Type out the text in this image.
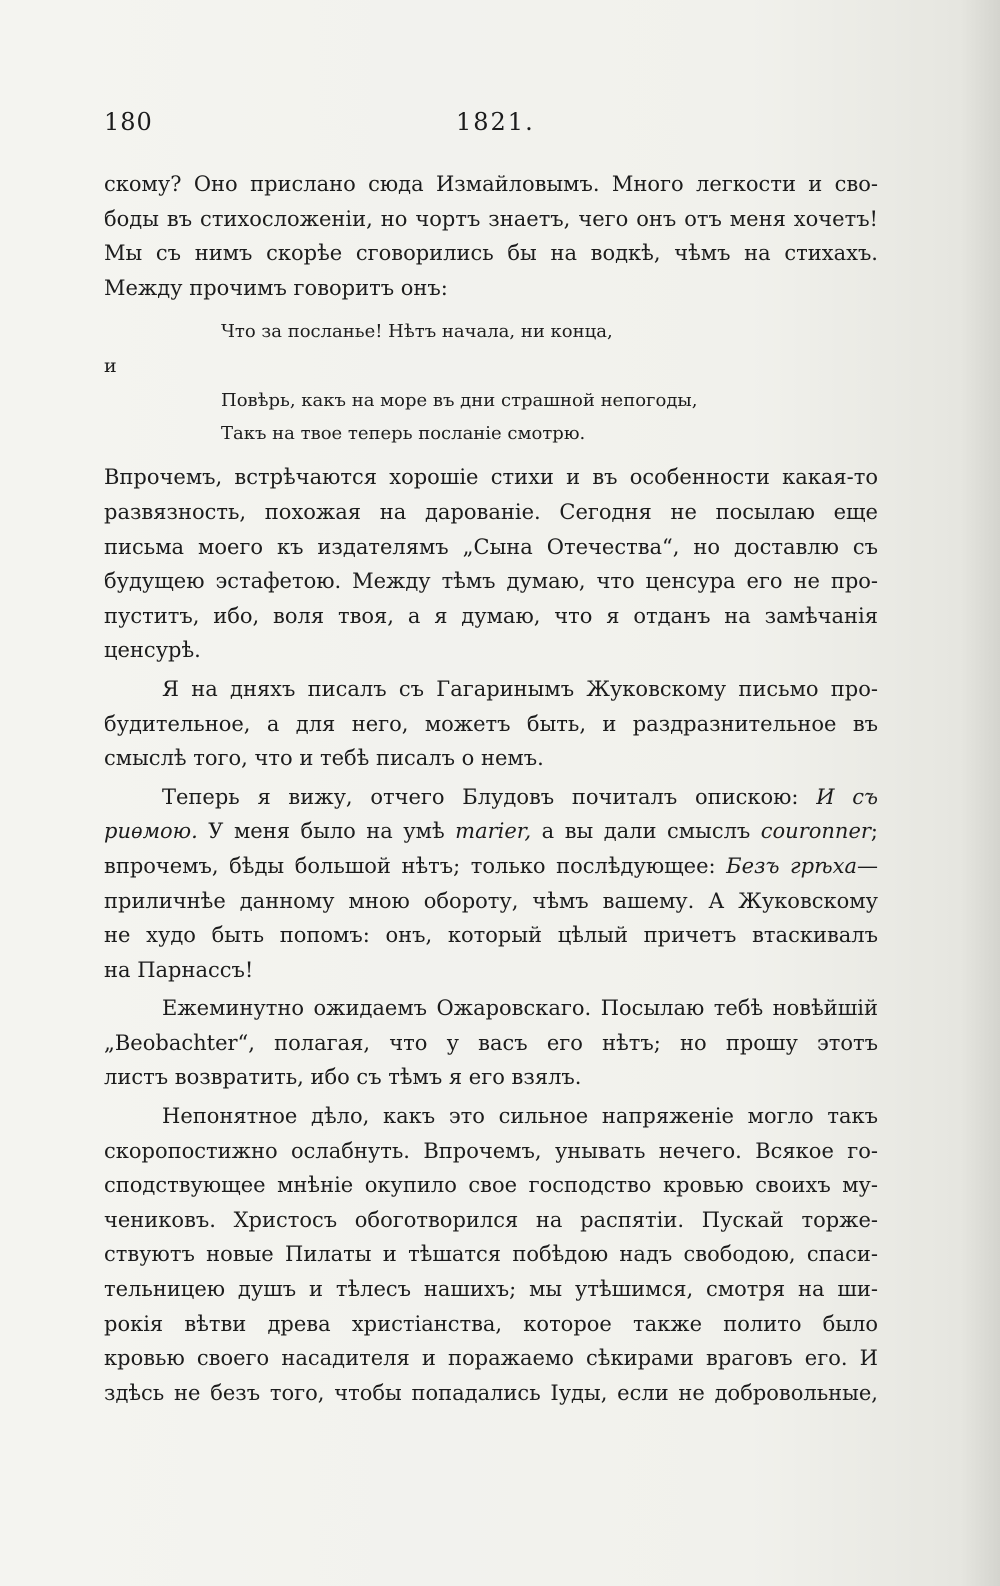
180	1821.
скому? Оно прислано сюда Измайловымъ. Много легкости и сво-
боды въ стихосложенiи, но чортъ знаетъ, чего онъ отъ меня хочетъ!
Мы съ нимъ скорѣе сговорились бы на водкѣ, чѣмъ на стихахъ.
Между прочимъ говоритъ онъ:
Что за посланье! Нѣтъ начала, ни конца,
и
Повѣрь, какъ на море въ дни страшной непогоды,
Такъ на твое теперь посланiе смотрю.
Впрочемъ, встрѣчаются хорошiе стихи и въ особенности какая-то
развязность, похожая на дарованiе. Сегодня не посылаю еще
письма моего къ издателямъ „Сына Отечества“, но доставлю съ
будущею эстафетою. Между тѣмъ думаю, что ценсура его не про-
пуститъ, ибо, воля твоя, а я думаю, что я отданъ на замѣчанiя
ценсурѣ.
Я на дняхъ писалъ съ Гагаринымъ Жуковскому письмо про-
будительное, а для него, можетъ быть, и раздразнительное въ
смыслѣ того, что и тебѣ писалъ о немъ.
Теперь я вижу, отчего Блудовъ почиталъ опискою: И съ
риѳмою. У меня было на умѣ marier, а вы дали смыслъ couronner;
впрочемъ, бѣды большой нѣтъ; только послѣдующее: Безъ грѣха—
приличнѣе данному мною обороту, чѣмъ вашему. А Жуковскому
не худо быть попомъ: онъ, который цѣлый причетъ втаскивалъ
на Парнассъ!
Ежеминутно ожидаемъ Ожаровскаго. Посылаю тебѣ новѣйшiй
„Beobachter“, полагая, что у васъ его нѣтъ; но прошу этотъ
листъ возвратить, ибо съ тѣмъ я его взялъ.
Непонятное дѣло, какъ это сильное напряженiе могло такъ
скоропостижно ослабнуть. Впрочемъ, унывать нечего. Всякое го-
сподствующее мнѣнiе окупило свое господство кровью своихъ му-
чениковъ. Христосъ обоготворился на распятiи. Пускай торже-
ствуютъ новые Пилаты и тѣшатся побѣдою надъ свободою, спаси-
тельницею душъ и тѣлесъ нашихъ; мы утѣшимся, смотря на ши-
рокiя вѣтви древа христiанства, которое также полито было
кровью своего насадителя и поражаемо сѣкирами враговъ его. И
здѣсь не безъ того, чтобы попадались Iуды, если не добровольные,
